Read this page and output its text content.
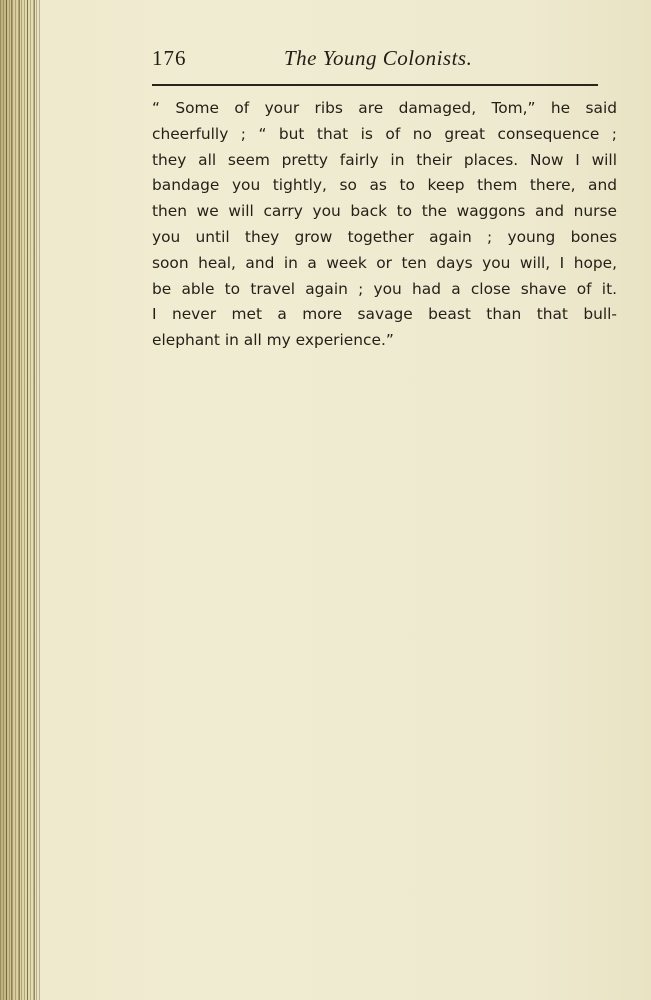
176	The Young Colonists.
“ Some of your ribs are damaged, Tom,” he said
cheerfully ; “ but that is of no great consequence ;
they all seem pretty fairly in their places. Now I will
bandage you tightly, so as to keep them there, and
then we will carry you back to the waggons and nurse
you until they grow together again ; young bones
soon heal, and in a week or ten days you will, I hope,
be able to travel again ; you had a close shave of it.
I never met a more savage beast than that bull-
elephant in all my experience.”
